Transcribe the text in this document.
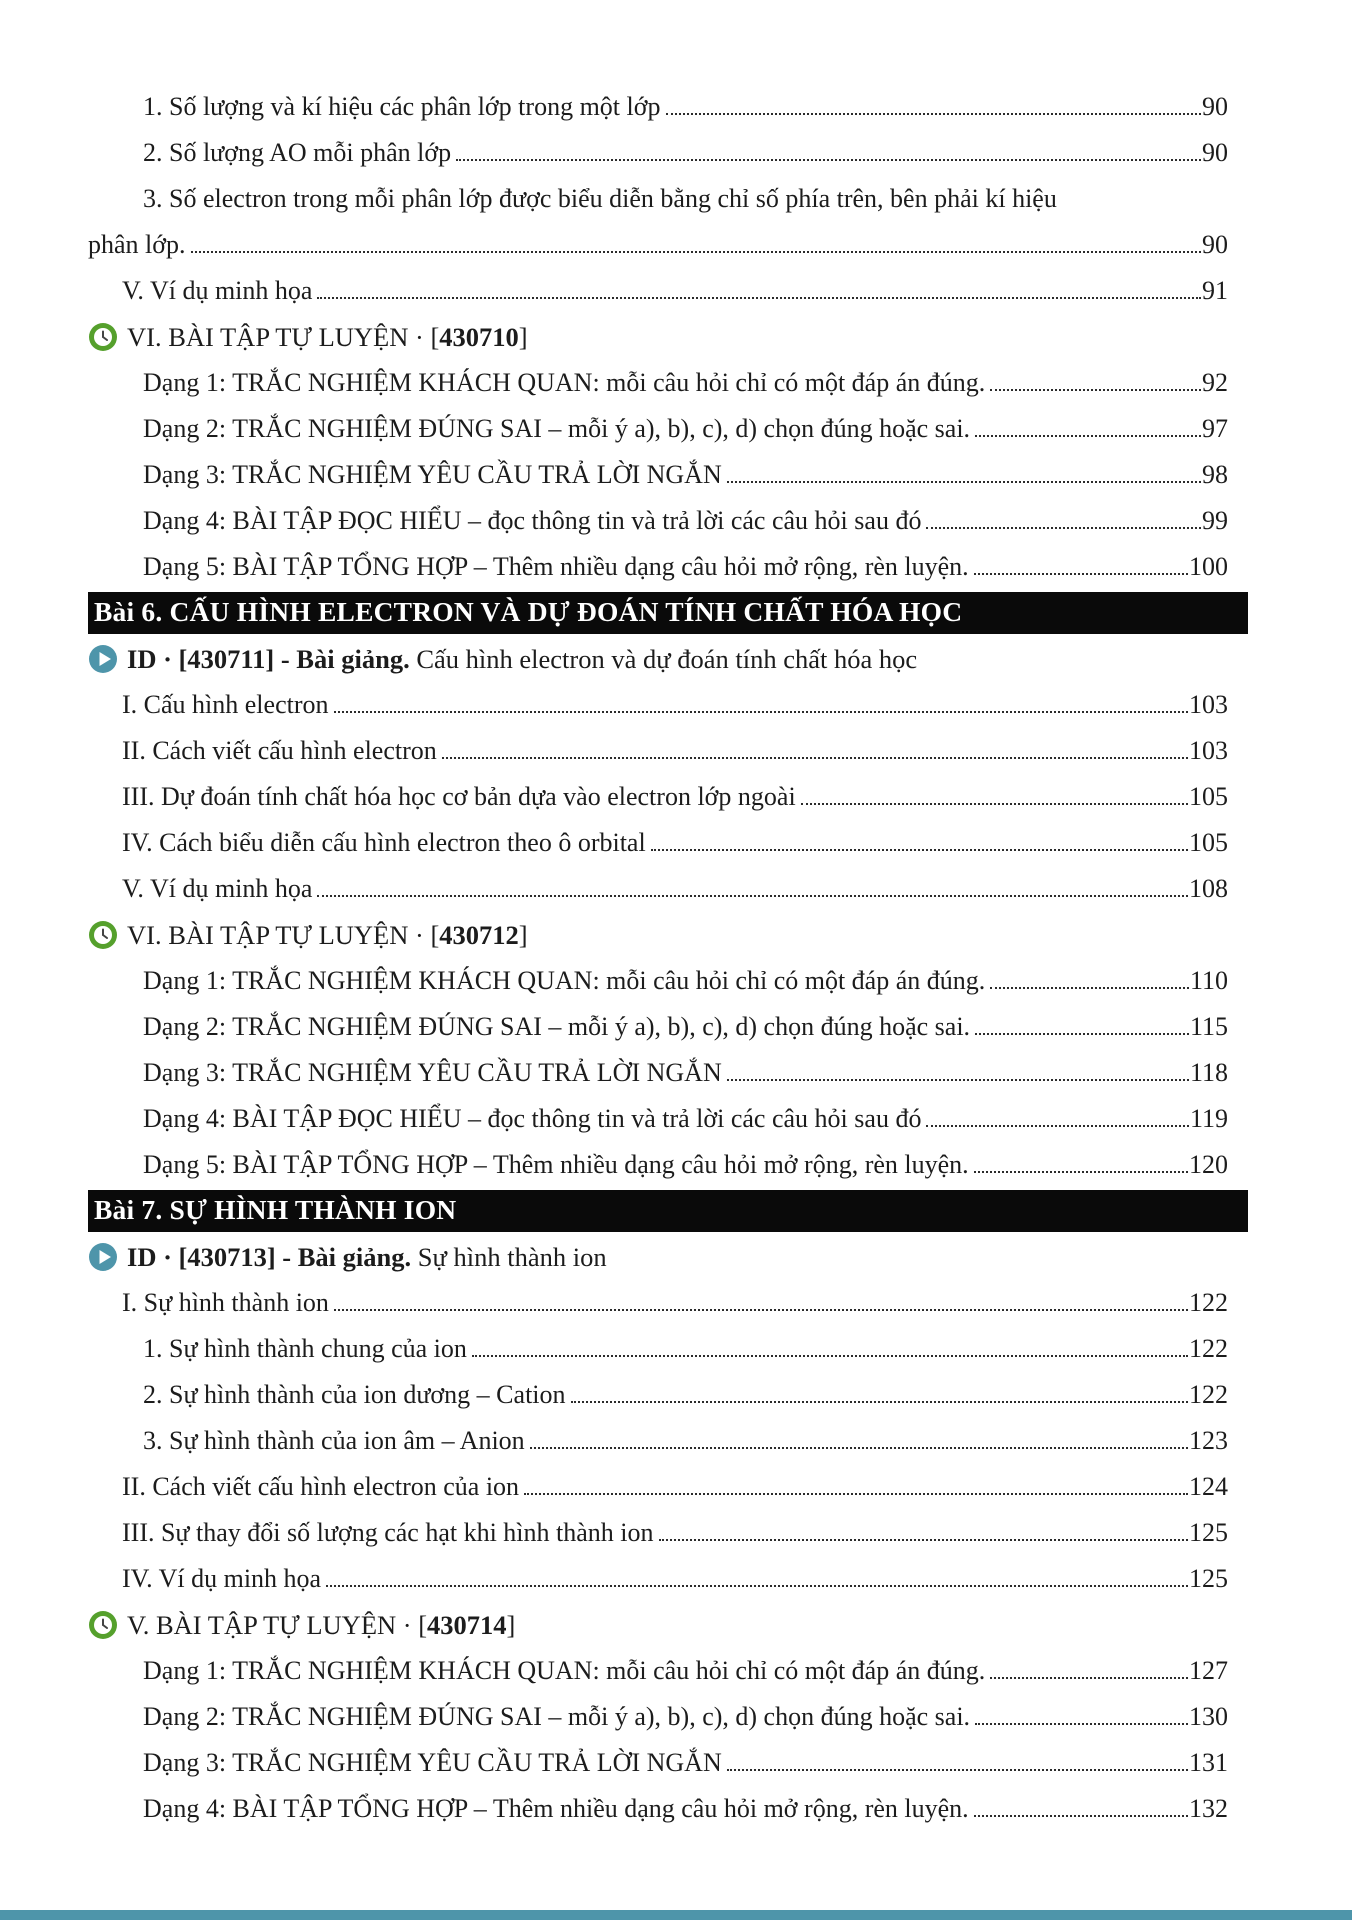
1. Số lượng và kí hiệu các phân lớp trong một lớp	90
2. Số lượng AO mỗi phân lớp	90
3. Số electron trong mỗi phân lớp được biểu diễn bằng chỉ số phía trên, bên phải kí hiệu
phân lớp.	90
V. Ví dụ minh họa	91
VI. BÀI TẬP TỰ LUYỆN · [430710]
Dạng 1: TRẮC NGHIỆM KHÁCH QUAN: mỗi câu hỏi chỉ có một đáp án đúng.	92
Dạng 2: TRẮC NGHIỆM ĐÚNG SAI – mỗi ý a), b), c), d) chọn đúng hoặc sai.	97
Dạng 3: TRẮC NGHIỆM YÊU CẦU TRẢ LỜI NGẮN	98
Dạng 4: BÀI TẬP ĐỌC HIỂU – đọc thông tin và trả lời các câu hỏi sau đó	99
Dạng 5: BÀI TẬP TỔNG HỢP – Thêm nhiều dạng câu hỏi mở rộng, rèn luyện.	100
Bài 6. CẤU HÌNH ELECTRON VÀ DỰ ĐOÁN TÍNH CHẤT HÓA HỌC
ID · [430711] - Bài giảng. Cấu hình electron và dự đoán tính chất hóa học
I. Cấu hình electron	103
II. Cách viết cấu hình electron	103
III. Dự đoán tính chất hóa học cơ bản dựa vào electron lớp ngoài	105
IV. Cách biểu diễn cấu hình electron theo ô orbital	105
V. Ví dụ minh họa	108
VI. BÀI TẬP TỰ LUYỆN · [430712]
Dạng 1: TRẮC NGHIỆM KHÁCH QUAN: mỗi câu hỏi chỉ có một đáp án đúng.	110
Dạng 2: TRẮC NGHIỆM ĐÚNG SAI – mỗi ý a), b), c), d) chọn đúng hoặc sai.	115
Dạng 3: TRẮC NGHIỆM YÊU CẦU TRẢ LỜI NGẮN	118
Dạng 4: BÀI TẬP ĐỌC HIỂU – đọc thông tin và trả lời các câu hỏi sau đó	119
Dạng 5: BÀI TẬP TỔNG HỢP – Thêm nhiều dạng câu hỏi mở rộng, rèn luyện.	120
Bài 7. SỰ HÌNH THÀNH ION
ID · [430713] - Bài giảng. Sự hình thành ion
I. Sự hình thành ion	122
1. Sự hình thành chung của ion	122
2. Sự hình thành của ion dương – Cation	122
3. Sự hình thành của ion âm – Anion	123
II. Cách viết cấu hình electron của ion	124
III. Sự thay đổi số lượng các hạt khi hình thành ion	125
IV. Ví dụ minh họa	125
V. BÀI TẬP TỰ LUYỆN · [430714]
Dạng 1: TRẮC NGHIỆM KHÁCH QUAN: mỗi câu hỏi chỉ có một đáp án đúng.	127
Dạng 2: TRẮC NGHIỆM ĐÚNG SAI – mỗi ý a), b), c), d) chọn đúng hoặc sai.	130
Dạng 3: TRẮC NGHIỆM YÊU CẦU TRẢ LỜI NGẮN	131
Dạng 4: BÀI TẬP TỔNG HỢP – Thêm nhiều dạng câu hỏi mở rộng, rèn luyện.	132
